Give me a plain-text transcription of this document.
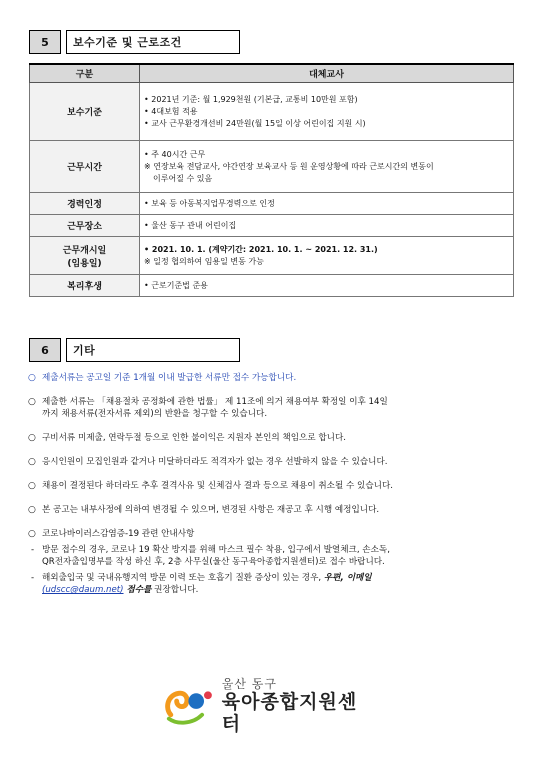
5	보수기준 및 근로조건
구분	대체교사
보수기준	• 2021년 기준: 월 1,929천원 (기본급, 교통비 10만원 포함)
• 4대보험 적용
• 교사 근무환경개선비 24만원(월 15일 이상 어린이집 지원 시)

근무시간	• 주 40시간 근무
※ 연장보육 전담교사, 야간연장 보육교사 등 원 운영상황에 따라 근로시간의 변동이
이루어질 수 있음

경력인정	• 보육 등 아동복지업무경력으로 인정

근무장소	• 울산 동구 관내 어린이집

근무개시일
(임용일)	• 2021. 10. 1. (계약기간: 2021. 10. 1. ~ 2021. 12. 31.)
※ 일정 협의하여 임용일 변동 가능

복리후생	• 근로기준법 준용
6	기타
○ 제출서류는 공고일 기준 1개월 이내 발급한 서류만 접수 가능합니다.
○ 제출한 서류는 「채용절차 공정화에 관한 법률」 제 11조에 의거 채용여부 확정일 이후 14일
까지 채용서류(전자서류 제외)의 반환을 청구할 수 있습니다.
○ 구비서류 미제출, 연락두절 등으로 인한 불이익은 지원자 본인의 책임으로 합니다.
○ 응시인원이 모집인원과 같거나 미달하더라도 적격자가 없는 경우 선발하지 않을 수 있습니다.
○ 채용이 결정된다 하더라도 추후 결격사유 및 신체검사 결과 등으로 채용이 취소될 수 있습니다.
○ 본 공고는 내부사정에 의하여 변경될 수 있으며, 변경된 사항은 재공고 후 시행 예정입니다.
○ 코로나바이러스감염증-19 관련 안내사항
- 방문 접수의 경우, 코로나 19 확산 방지를 위해 마스크 필수 착용, 입구에서 발열체크, 손소독,
QR전자출입명부를 작성 하신 후, 2층 사무실(울산 동구육아종합지원센터)로 접수 바랍니다.
- 해외출입국 및 국내유행지역 방문 이력 또는 호흡기 질환 증상이 있는 경우, 우편, 이메일
(udscc@daum.net) 접수를 권장합니다.
울산 동구
육아종합지원센터
